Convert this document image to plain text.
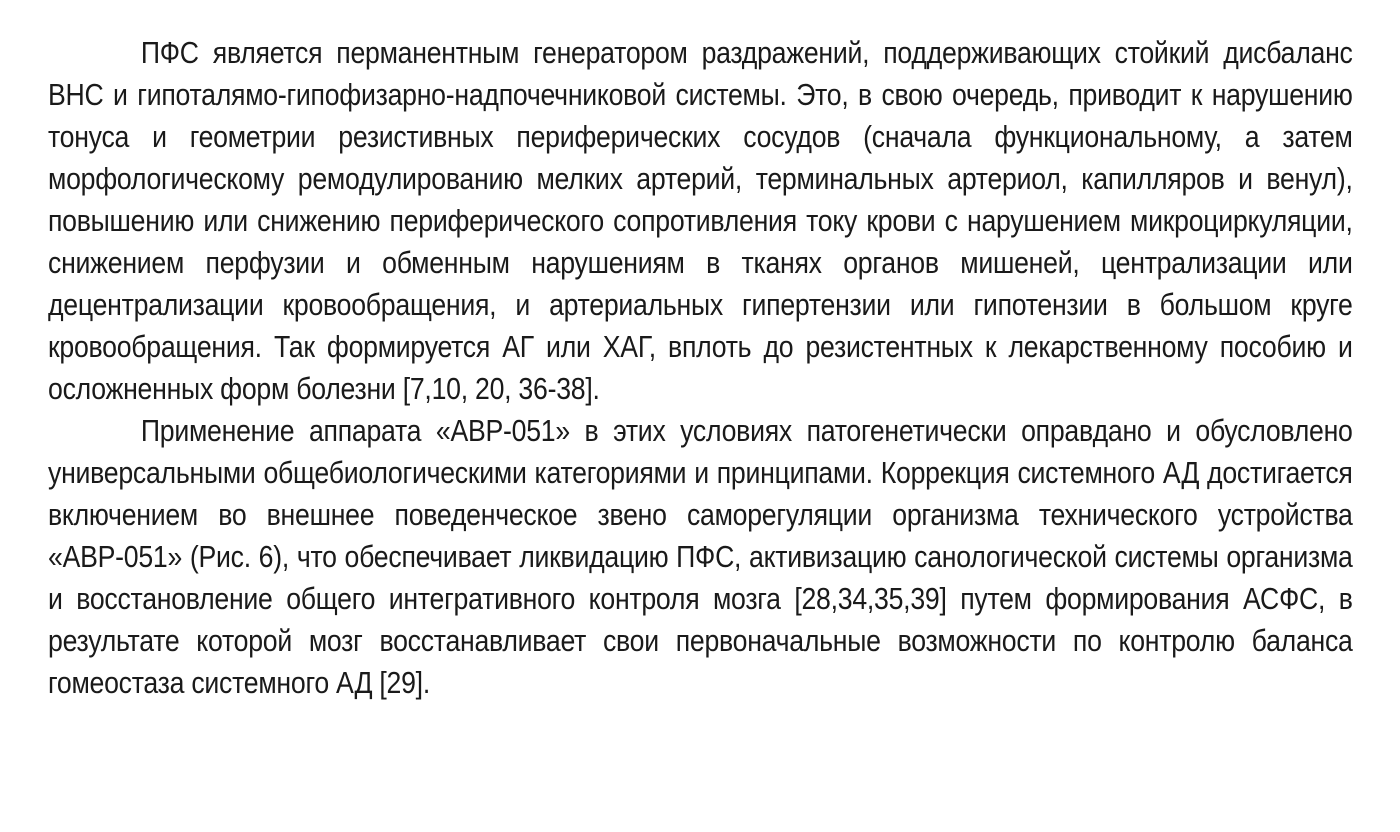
ПФС является перманентным генератором раздражений, поддерживающих стойкий дисбаланс ВНС и гипоталямо-гипофизарно-надпочечниковой системы. Это, в свою очередь, приводит к нарушению тонуса и геометрии резистивных периферических сосудов (сначала функциональному, а затем морфологическому ремодулированию мелких артерий, терминальных артериол, капилляров и венул), повышению или снижению периферического сопротивления току крови с нарушением микроциркуляции, снижением перфузии и обменным нарушениям в тканях органов мишеней, централизации или децентрализации кровообращения, и артериальных гипертензии или гипотензии в большом круге кровообращения. Так формируется АГ или ХАГ, вплоть до резистентных к лекарственному пособию и осложненных форм болезни [7,10, 20, 36-38].

Применение аппарата «АВР-051» в этих условиях патогенетически оправдано и обусловлено универсальными общебиологическими категориями и принципами. Коррекция системного АД достигается включением во внешнее поведенческое звено саморегуляции организма технического устройства «АВР-051» (Рис. 6), что обеспечивает ликвидацию ПФС, активизацию санологической системы организма и восстановление общего интегративного контроля мозга [28,34,35,39] путем формирования АСФС, в результате которой мозг восстанавливает свои первоначальные возможности по контролю баланса гомеостаза системного АД [29].
